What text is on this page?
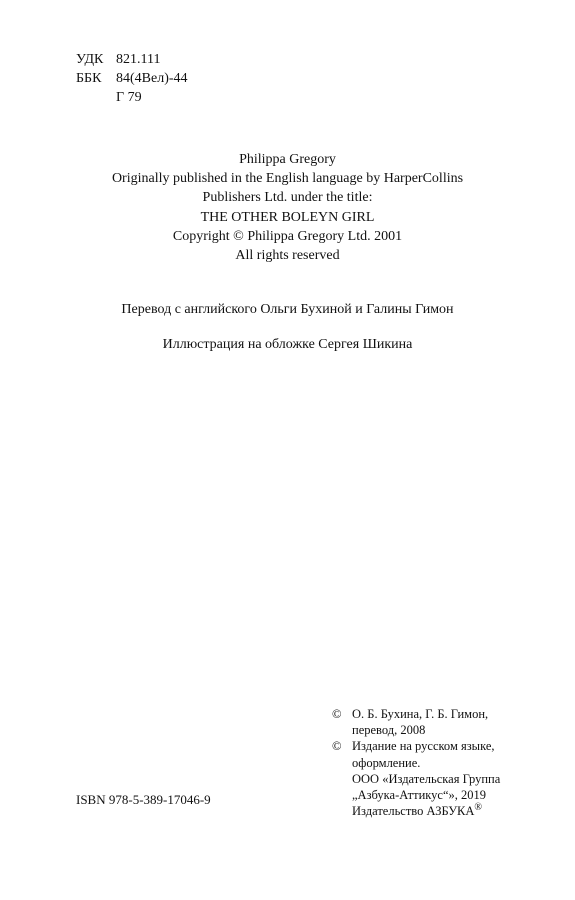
УДК 821.111
ББК	84(4Вел)-44
Г 79
Philippa Gregory
Originally published in the English language by HarperCollins
Publishers Ltd. under the title:
THE OTHER BOLEYN GIRL
Copyright © Philippa Gregory Ltd. 2001
All rights reserved
Перевод с английского Ольги Бухиной и Галины Гимон
Иллюстрация на обложке Сергея Шикина
© О. Б. Бухина, Г. Б. Гимон,
перевод, 2008
© Издание на русском языке,
оформление.
ООО «Издательская Группа
„Азбука-Аттикус“», 2019
Издательство АЗБУКА®
ISBN 978-5-389-17046-9
